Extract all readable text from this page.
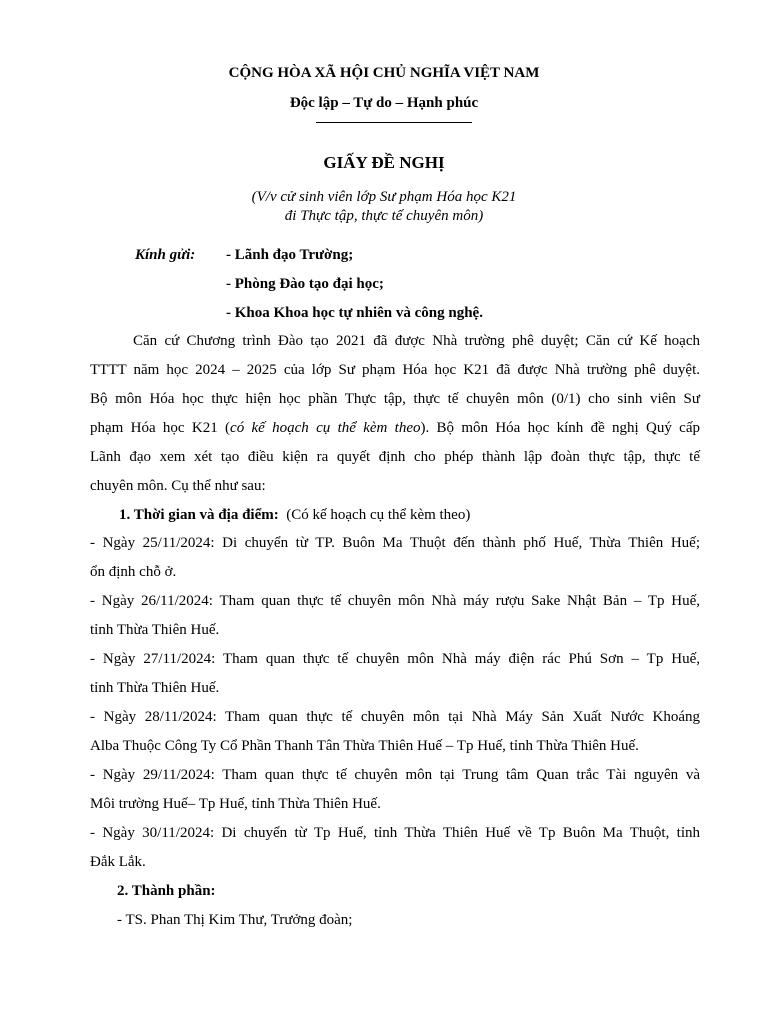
CỘNG HÒA XÃ HỘI CHỦ NGHĨA VIỆT NAM
Độc lập – Tự do – Hạnh phúc
GIẤY ĐỀ NGHỊ
(V/v cử sinh viên lớp Sư phạm Hóa học K21
đi Thực tập, thực tế chuyên môn)
Kính gửi: - Lãnh đạo Trường;
- Phòng Đào tạo đại học;
- Khoa Khoa học tự nhiên và công nghệ.
Căn cứ Chương trình Đào tạo 2021 đã được Nhà trường phê duyệt; Căn cứ Kế hoạch
TTTT năm học 2024 – 2025 của lớp Sư phạm Hóa học K21 đã được Nhà trường phê duyệt.
Bộ môn Hóa học thực hiện học phần Thực tập, thực tế chuyên môn (0/1) cho sinh viên Sư
phạm Hóa học K21 (có kế hoạch cụ thể kèm theo). Bộ môn Hóa học kính đề nghị Quý cấp
Lãnh đạo xem xét tạo điều kiện ra quyết định cho phép thành lập đoàn thực tập, thực tế
chuyên môn. Cụ thể như sau:
1. Thời gian và địa điểm: (Có kế hoạch cụ thể kèm theo)
- Ngày 25/11/2024: Di chuyển từ TP. Buôn Ma Thuột đến thành phố Huế, Thừa Thiên Huế;
ổn định chỗ ở.
- Ngày 26/11/2024: Tham quan thực tế chuyên môn Nhà máy rượu Sake Nhật Bản – Tp Huế,
tỉnh Thừa Thiên Huế.
- Ngày 27/11/2024: Tham quan thực tế chuyên môn Nhà máy điện rác Phú Sơn – Tp Huế,
tỉnh Thừa Thiên Huế.
- Ngày 28/11/2024: Tham quan thực tế chuyên môn tại Nhà Máy Sản Xuất Nước Khoáng
Alba Thuộc Công Ty Cổ Phần Thanh Tân Thừa Thiên Huế – Tp Huế, tỉnh Thừa Thiên Huế.
- Ngày 29/11/2024: Tham quan thực tế chuyên môn tại Trung tâm Quan trắc Tài nguyên và
Môi trường Huế– Tp Huế, tỉnh Thừa Thiên Huế.
- Ngày 30/11/2024: Di chuyển từ Tp Huế, tỉnh Thừa Thiên Huế về Tp Buôn Ma Thuột, tỉnh
Đắk Lắk.
2. Thành phần:
- TS. Phan Thị Kim Thư, Trưởng đoàn;
